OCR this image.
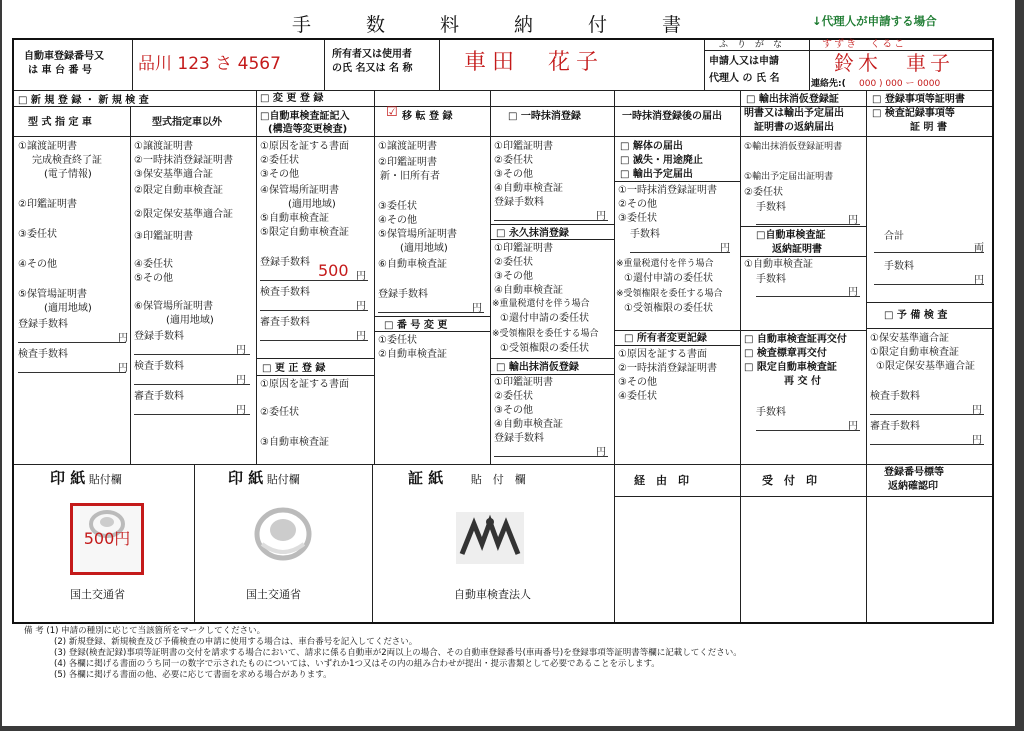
手　数　料　納　付　書	↓代理人が申請する場合
自動車登録番号又
は 車 台 番 号	品川 123 さ 4567	所有者又は使用者
の氏 名又は 名 称 車田　花子
ふ　り　が　な
申請人又は申請
代理人 の 氏 名
すずき　くるこ
鈴木　車子
連絡先:( 000 ) 000 ー 0000
□ 新 規 登 録 ・ 新 規 検 査
型 式 指 定 車	型式指定車以外
①譲渡証明書
完成検査終了証
(電子情報)
②印鑑証明書
③委任状
④その他
⑤保管場証明書
(適用地域)
登録手数料
円
検査手数料
円
①譲渡証明書
②一時抹消登録証明書
③保安基準適合証
②限定自動車検査証
②限定保安基準適合証
③印鑑証明書
④委任状
⑤その他
⑥保管場所証明書
(適用地域)
登録手数料
円
検査手数料
円
審査手数料
円
□ 変 更 登 録
□自動車検査証記入
(構造等変更検査)
①原因を証する書面
②委任状
③その他
④保管場所証明書
(適用地域)
⑤自動車検査証
⑤限定自動車検査証
登録手数料 500 円
検査手数料
円
審査手数料
円
□ 更 正 登 録
①原因を証する書面
②委任状
③自動車検査証
☑ 移 転 登 録
①譲渡証明書
②印鑑証明書
新・旧所有者
③委任状
④その他
⑤保管場所証明書
(適用地域)
⑥自動車検査証
登録手数料
円
□ 番 号 変 更
①委任状
②自動車検査証
□ 一時抹消登録
①印鑑証明書
②委任状
③その他
④自動車検査証
登録手数料
円
□ 永久抹消登録
①印鑑証明書
②委任状
③その他
④自動車検査証
※重量税還付を伴う場合
①還付申請の委任状
※受領権限を委任する場合
①受領権限の委任状
□ 輸出抹消仮登録
①印鑑証明書
②委任状
③その他
④自動車検査証
登録手数料
円
一時抹消登録後の届出
□ 解体の届出
□ 滅失・用途廃止
□ 輸出予定届出
①一時抹消登録証明書
②その他
③委任状
手数料
円
※重量税還付を伴う場合
①還付申請の委任状
※受領権限を委任する場合
①受領権限の委任状
□ 所有者変更記録
①原因を証する書面
②一時抹消登録証明書
③その他
④委任状
□ 輸出抹消仮登録証
明書又は輸出予定届出
証明書の返納届出
①輸出抹消仮登録証明書
①輸出予定届出証明書
②委任状
手数料
円
□自動車検査証
返納証明書
①自動車検査証
手数料
円
□ 自動車検査証再交付
□ 検査標章再交付
□ 限定自動車検査証
再 交 付
手数料
円
□ 登録事項等証明書
□ 検査記録事項等
証 明 書
合計
両
手数料
円
□ 予 備 検 査
①保安基準適合証
①限定自動車検査証
①限定保安基準適合証
検査手数料
円
審査手数料
円
印 紙 貼付欄
500円
国土交通省
印 紙 貼付欄
国土交通省
証 紙	貼　付　欄
自動車検査法人
経　由　印	受　付　印
登録番号標等
返納確認印
備 考 (1) 申請の種別に応じて当該箇所をマークしてください。
(2) 新規登録、新規検査及び予備検査の申請に使用する場合は、車台番号を記入してください。
(3) 登録(検査記録)事項等証明書の交付を請求する場合において、請求に係る自動車が2両以上の場合、その自動車登録番号(車両番号)を登録事項等証明書等欄に記載してください。
(4) 各欄に掲げる書面のうち同一の数字で示されたものについては、いずれか1つ又はその内の組み合わせが提出・提示書類として必要であることを示します。
(5) 各欄に掲げる書面の他、必要に応じて書面を求める場合があります。
